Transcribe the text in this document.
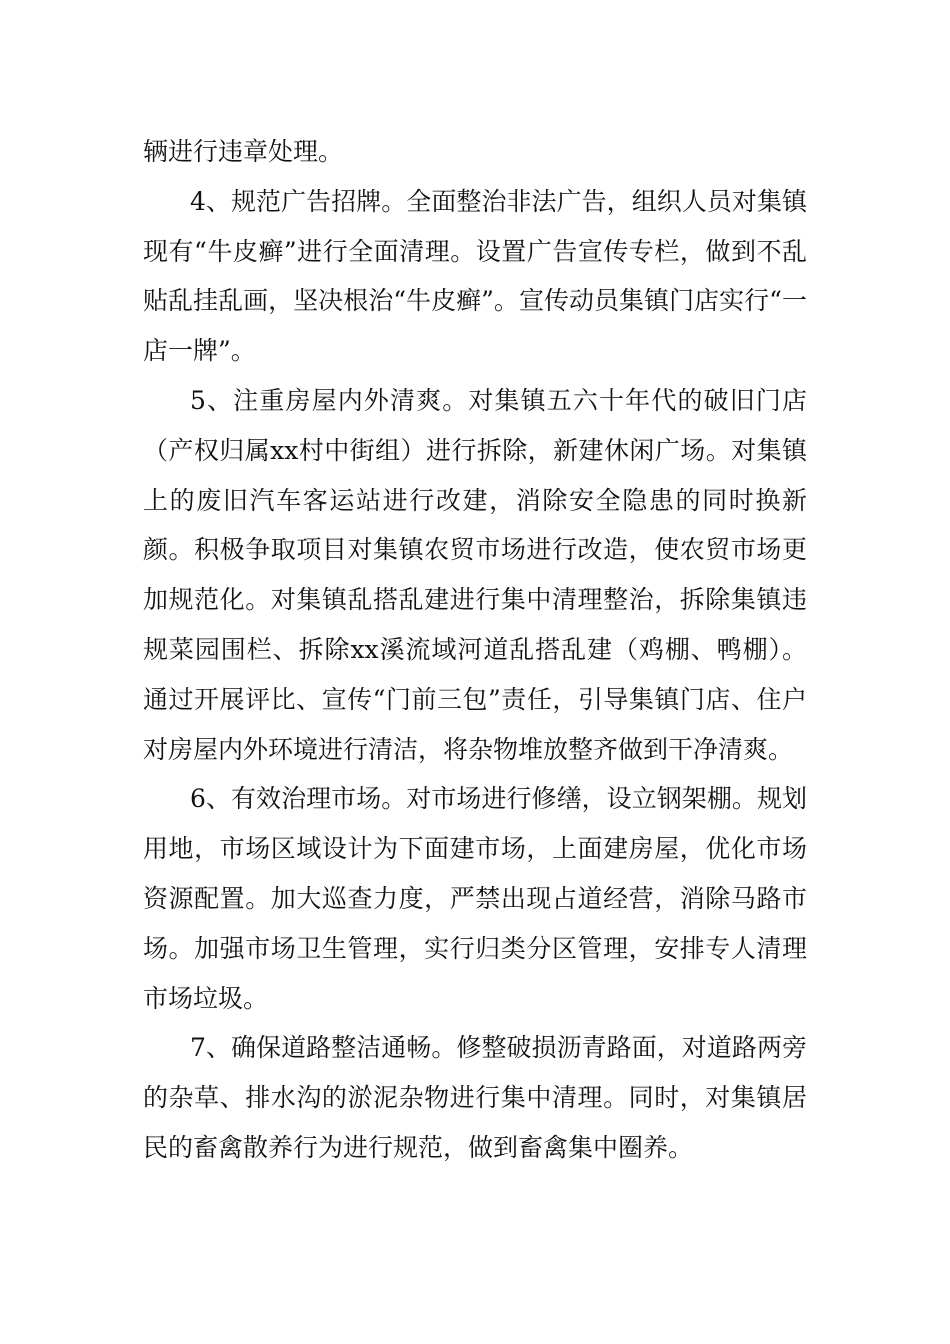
辆进行违章处理。

4、规范广告招牌。全面整治非法广告，组织人员对集镇现有“牛皮癣”进行全面清理。设置广告宣传专栏，做到不乱贴乱挂乱画，坚决根治“牛皮癣”。宣传动员集镇门店实行“一店一牌”。

5、注重房屋内外清爽。对集镇五六十年代的破旧门店（产权归属xx村中街组）进行拆除，新建休闲广场。对集镇上的废旧汽车客运站进行改建，消除安全隐患的同时换新颜。积极争取项目对集镇农贸市场进行改造，使农贸市场更加规范化。对集镇乱搭乱建进行集中清理整治，拆除集镇违规菜园围栏、拆除xx溪流域河道乱搭乱建（鸡棚、鸭棚）。通过开展评比、宣传“门前三包”责任，引导集镇门店、住户对房屋内外环境进行清洁，将杂物堆放整齐做到干净清爽。

6、有效治理市场。对市场进行修缮，设立钢架棚。规划用地，市场区域设计为下面建市场，上面建房屋，优化市场资源配置。加大巡查力度，严禁出现占道经营，消除马路市场。加强市场卫生管理，实行归类分区管理，安排专人清理市场垃圾。

7、确保道路整洁通畅。修整破损沥青路面，对道路两旁的杂草、排水沟的淤泥杂物进行集中清理。同时，对集镇居民的畜禽散养行为进行规范，做到畜禽集中圈养。
